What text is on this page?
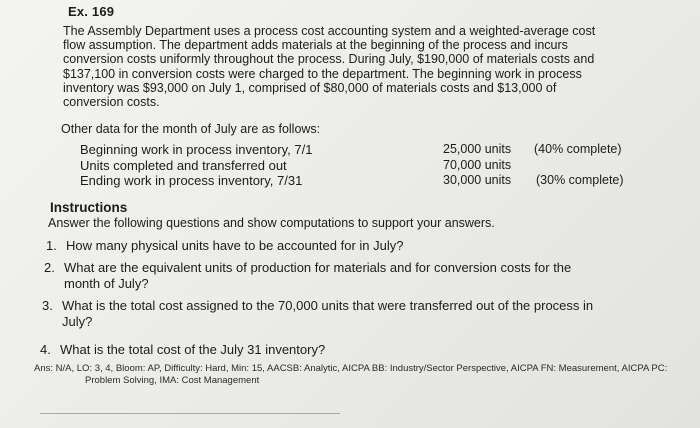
Ex. 169
The Assembly Department uses a process cost accounting system and a weighted-average cost
flow assumption. The department adds materials at the beginning of the process and incurs
conversion costs uniformly throughout the process. During July, $190,000 of materials costs and
$137,100 in conversion costs were charged to the department. The beginning work in process
inventory was $93,000 on July 1, comprised of $80,000 of materials costs and $13,000 of
conversion costs.
Other data for the month of July are as follows:
Beginning work in process inventory, 7/1
Units completed and transferred out
Ending work in process inventory, 7/31
25,000 units
70,000 units
30,000 units
(40% complete)
(30% complete)
Instructions
Answer the following questions and show computations to support your answers.
1. How many physical units have to be accounted for in July?
2. What are the equivalent units of production for materials and for conversion costs for the
month of July?
3. What is the total cost assigned to the 70,000 units that were transferred out of the process in
July?
4. What is the total cost of the July 31 inventory?
Ans: N/A, LO: 3, 4, Bloom: AP, Difficulty: Hard, Min: 15, AACSB: Analytic, AICPA BB: Industry/Sector Perspective, AICPA FN: Measurement, AICPA PC:
Problem Solving, IMA: Cost Management
